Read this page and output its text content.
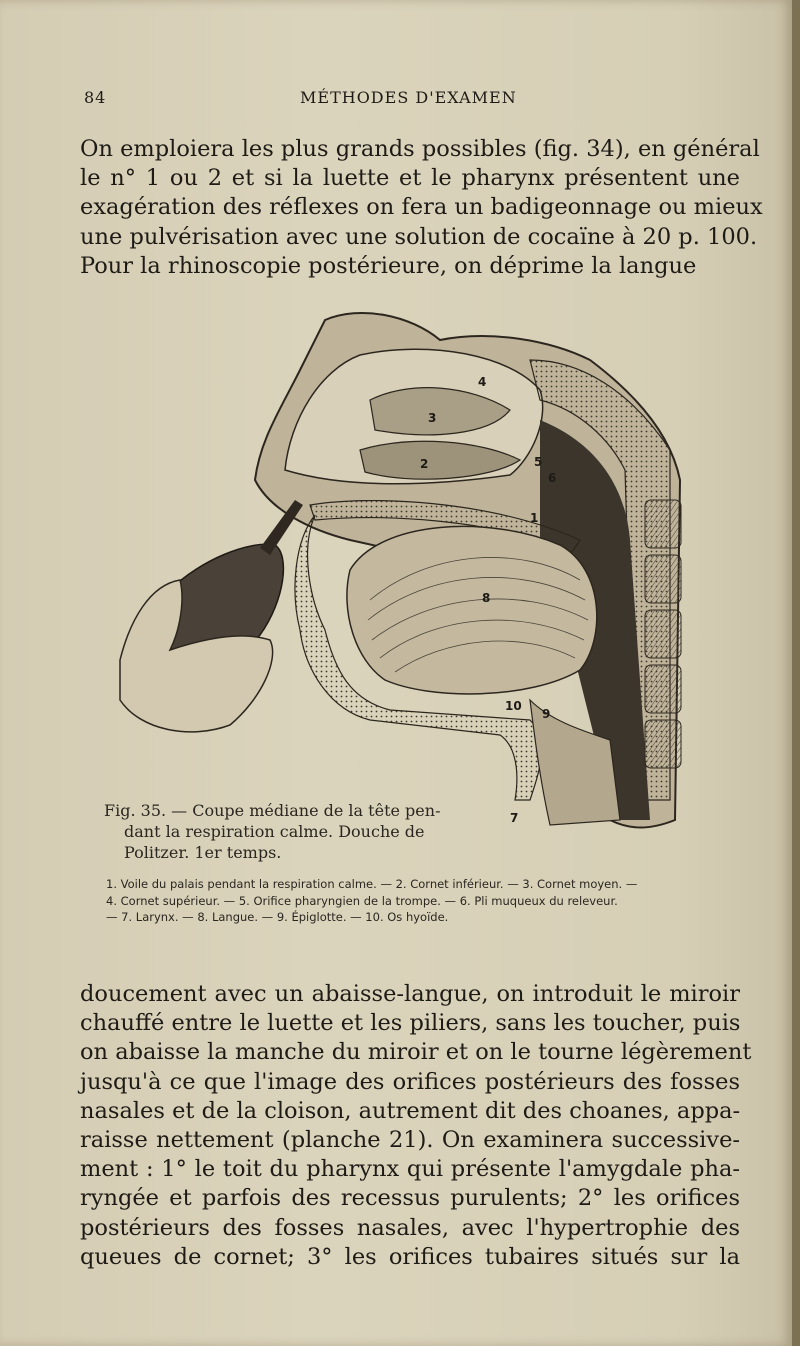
84	MÉTHODES D'EXAMEN

On emploiera les plus grands possibles (fig. 34), en général
le n° 1 ou 2 et si la luette et le pharynx présentent une
exagération des réflexes on fera un badigeonnage ou mieux
une pulvérisation avec une solution de cocaïne à 20 p. 100.
Pour la rhinoscopie postérieure, on déprime la langue

1
2
3
4
5
6
7
8
9
10
Fig. 35. — Coupe médiane de la tête pen-
dant la respiration calme. Douche de
Politzer. 1er temps.
1. Voile du palais pendant la respiration calme. — 2. Cornet inférieur. — 3. Cornet moyen. —
4. Cornet supérieur. — 5. Orifice pharyngien de la trompe. — 6. Pli muqueux du releveur.
— 7. Larynx. — 8. Langue. — 9. Épiglotte. — 10. Os hyoïde.

doucement avec un abaisse-langue, on introduit le miroir
chauffé entre le luette et les piliers, sans les toucher, puis
on abaisse la manche du miroir et on le tourne légèrement
jusqu'à ce que l'image des orifices postérieurs des fosses
nasales et de la cloison, autrement dit des choanes, appa-
raisse nettement (planche 21). On examinera successive-
ment : 1° le toit du pharynx qui présente l'amygdale pha-
ryngée et parfois des recessus purulents; 2° les orifices
postérieurs des fosses nasales, avec l'hypertrophie des
queues de cornet; 3° les orifices tubaires situés sur la
